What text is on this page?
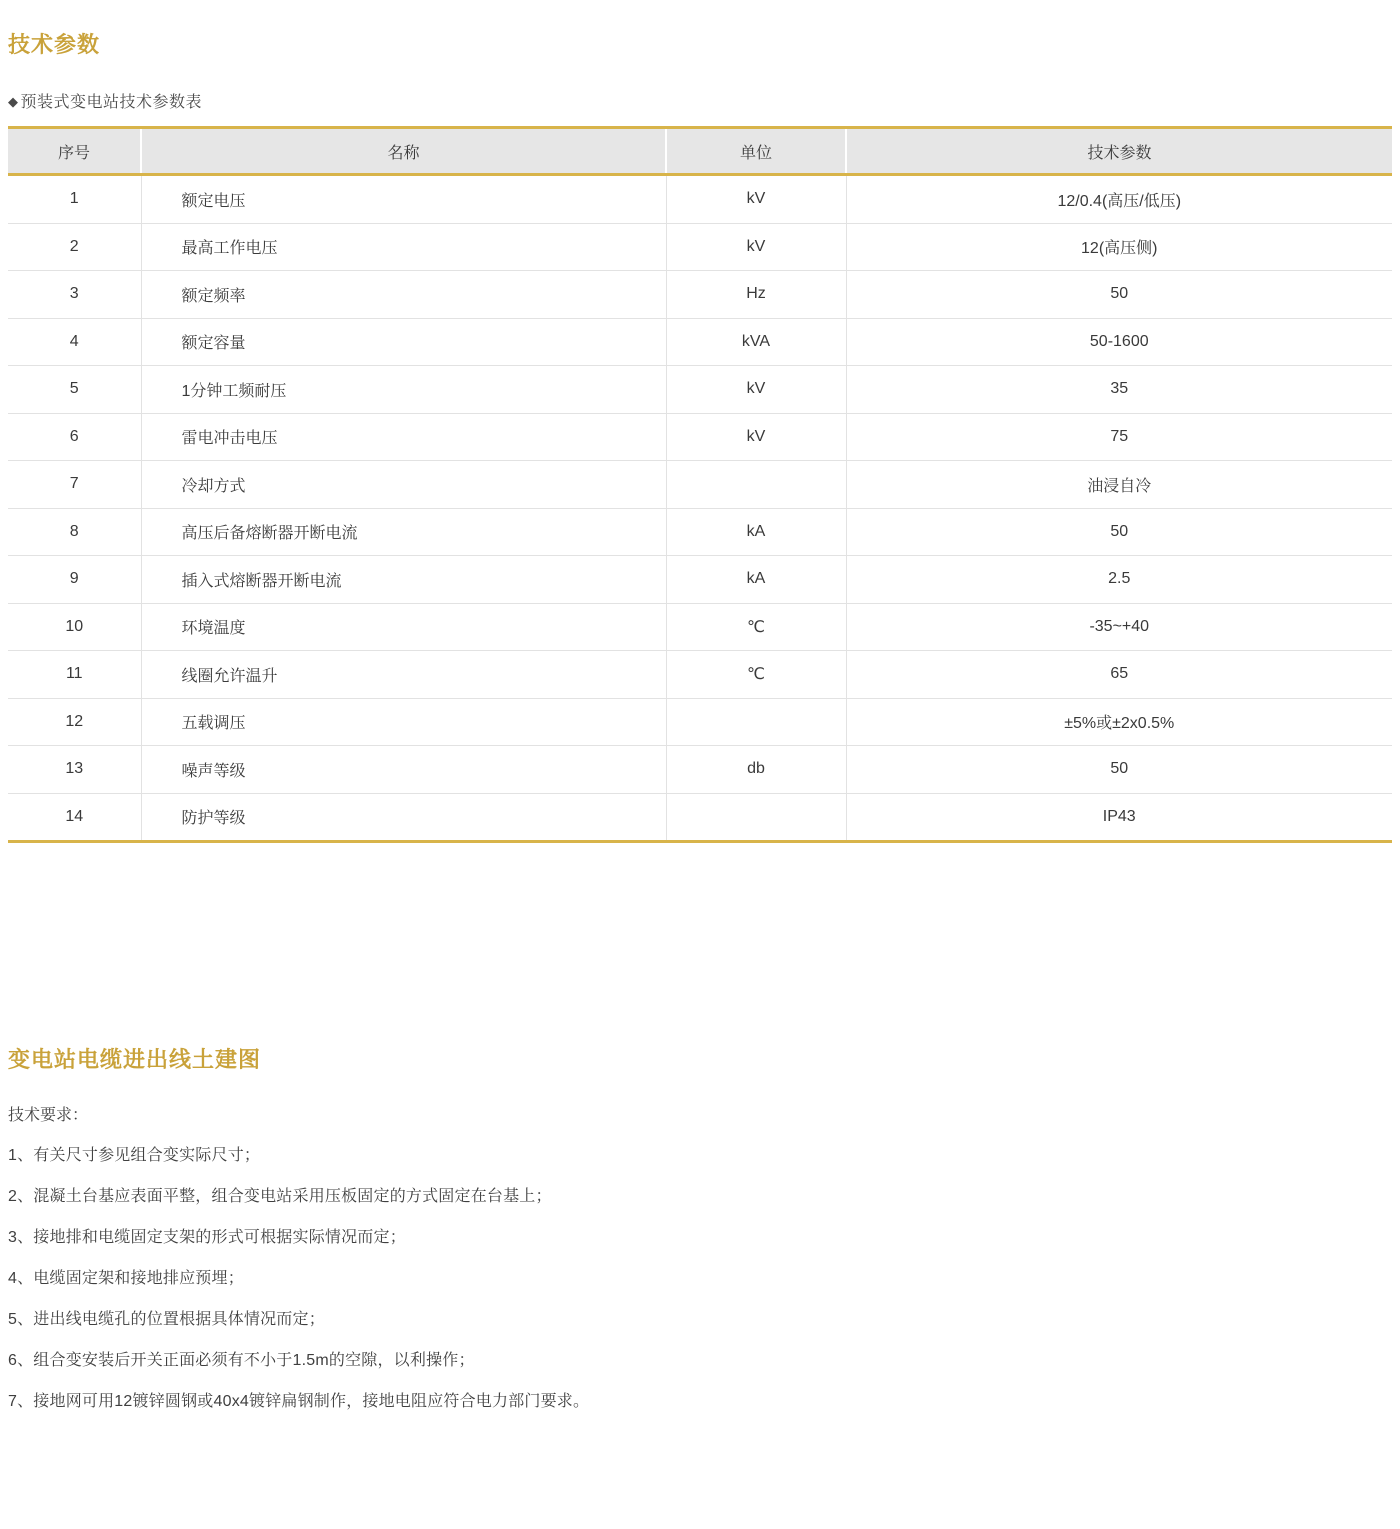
技术参数
◆ 预装式变电站技术参数表
序号	名称	单位	技术参数
1	额定电压	kV	12/0.4(高压/低压)
2	最高工作电压	kV	12(高压侧)
3	额定频率	Hz	50
4	额定容量	kVA	50-1600
5	1分钟工频耐压	kV	35
6	雷电冲击电压	kV	75
7	冷却方式		油浸自冷
8	高压后备熔断器开断电流	kA	50
9	插入式熔断器开断电流	kA	2.5
10	环境温度	℃	-35~+40
11	线圈允许温升	℃	65
12	五载调压		±5%或±2x0.5%
13	噪声等级	db	50
14	防护等级		IP43
变电站电缆进出线土建图
技术要求：
1、有关尺寸参见组合变实际尺寸；
2、混凝土台基应表面平整，组合变电站采用压板固定的方式固定在台基上；
3、接地排和电缆固定支架的形式可根据实际情况而定；
4、电缆固定架和接地排应预埋；
5、进出线电缆孔的位置根据具体情况而定；
6、组合变安装后开关正面必须有不小于1.5m的空隙，以利操作；
7、接地网可用12镀锌圆钢或40x4镀锌扁钢制作，接地电阻应符合电力部门要求。
